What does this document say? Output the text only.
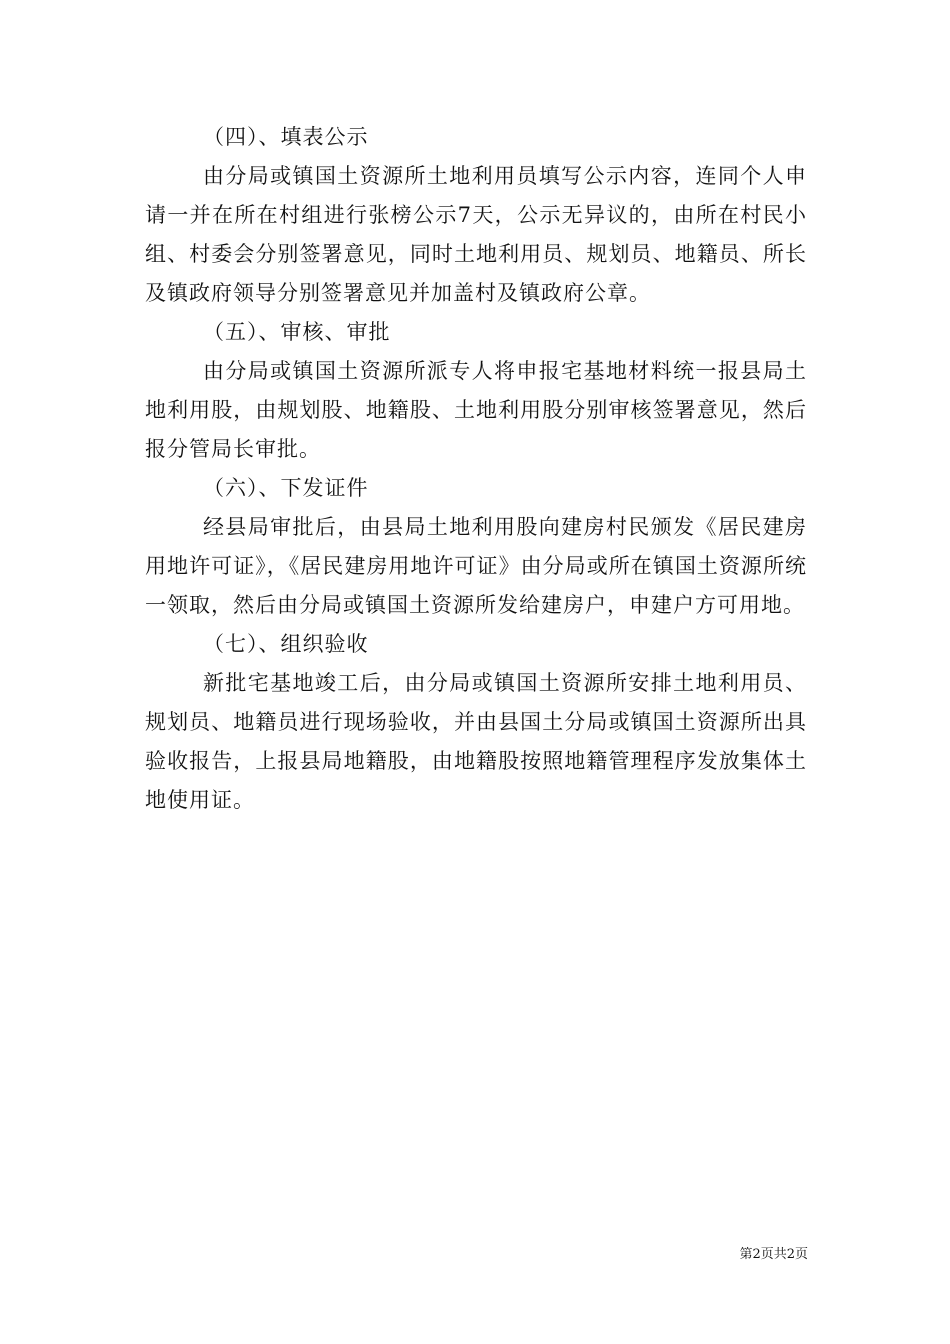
（四）、填表公示

由分局或镇国土资源所土地利用员填写公示内容，连同个人申请一并在所在村组进行张榜公示7天，公示无异议的，由所在村民小组、村委会分别签署意见，同时土地利用员、规划员、地籍员、所长及镇政府领导分别签署意见并加盖村及镇政府公章。

（五）、审核、审批

由分局或镇国土资源所派专人将申报宅基地材料统一报县局土地利用股，由规划股、地籍股、土地利用股分别审核签署意见，然后报分管局长审批。

（六）、下发证件

经县局审批后，由县局土地利用股向建房村民颁发《居民建房用地许可证》，《居民建房用地许可证》由分局或所在镇国土资源所统一领取，然后由分局或镇国土资源所发给建房户，申建户方可用地。

（七）、组织验收

新批宅基地竣工后，由分局或镇国土资源所安排土地利用员、规划员、地籍员进行现场验收，并由县国土分局或镇国土资源所出具验收报告，上报县局地籍股，由地籍股按照地籍管理程序发放集体土地使用证。

第2页共2页
